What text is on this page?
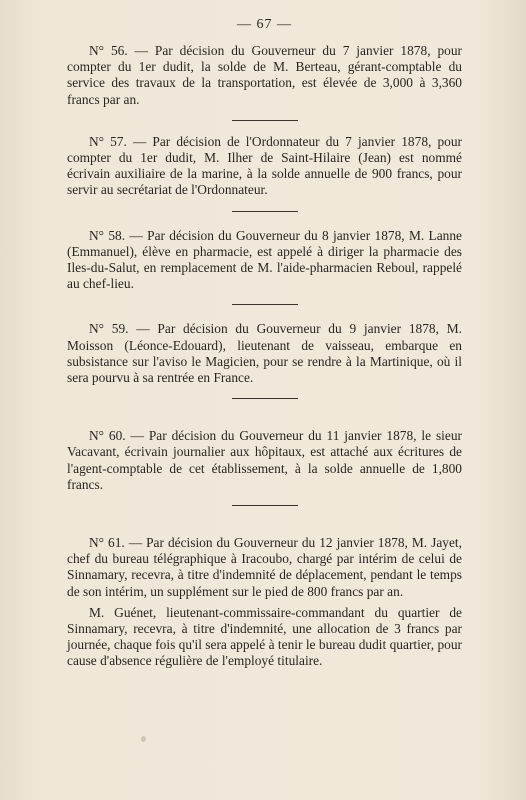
— 67 —

N° 56. — Par décision du Gouverneur du 7 janvier 1878, pour compter du 1er dudit, la solde de M. Berteau, gérant-comptable du service des travaux de la transportation, est élevée de 3,000 à 3,360 francs par an.

N° 57. — Par décision de l'Ordonnateur du 7 janvier 1878, pour compter du 1er dudit, M. Ilher de Saint-Hilaire (Jean) est nommé écrivain auxiliaire de la marine, à la solde annuelle de 900 francs, pour servir au secrétariat de l'Ordonnateur.

N° 58. — Par décision du Gouverneur du 8 janvier 1878, M. Lanne (Emmanuel), élève en pharmacie, est appelé à diriger la pharmacie des Iles-du-Salut, en remplacement de M. l'aide-pharmacien Reboul, rappelé au chef-lieu.

N° 59. — Par décision du Gouverneur du 9 janvier 1878, M. Moisson (Léonce-Edouard), lieutenant de vaisseau, embarque en subsistance sur l'aviso le Magicien, pour se rendre à la Martinique, où il sera pourvu à sa rentrée en France.

N° 60. — Par décision du Gouverneur du 11 janvier 1878, le sieur Vacavant, écrivain journalier aux hôpitaux, est attaché aux écritures de l'agent-comptable de cet établissement, à la solde annuelle de 1,800 francs.

N° 61. — Par décision du Gouverneur du 12 janvier 1878, M. Jayet, chef du bureau télégraphique à Iracoubo, chargé par intérim de celui de Sinnamary, recevra, à titre d'indemnité de déplacement, pendant le temps de son intérim, un supplément sur le pied de 800 francs par an.

M. Guénet, lieutenant-commissaire-commandant du quartier de Sinnamary, recevra, à titre d'indemnité, une allocation de 3 francs par journée, chaque fois qu'il sera appelé à tenir le bureau dudit quartier, pour cause d'absence régulière de l'employé titulaire.
